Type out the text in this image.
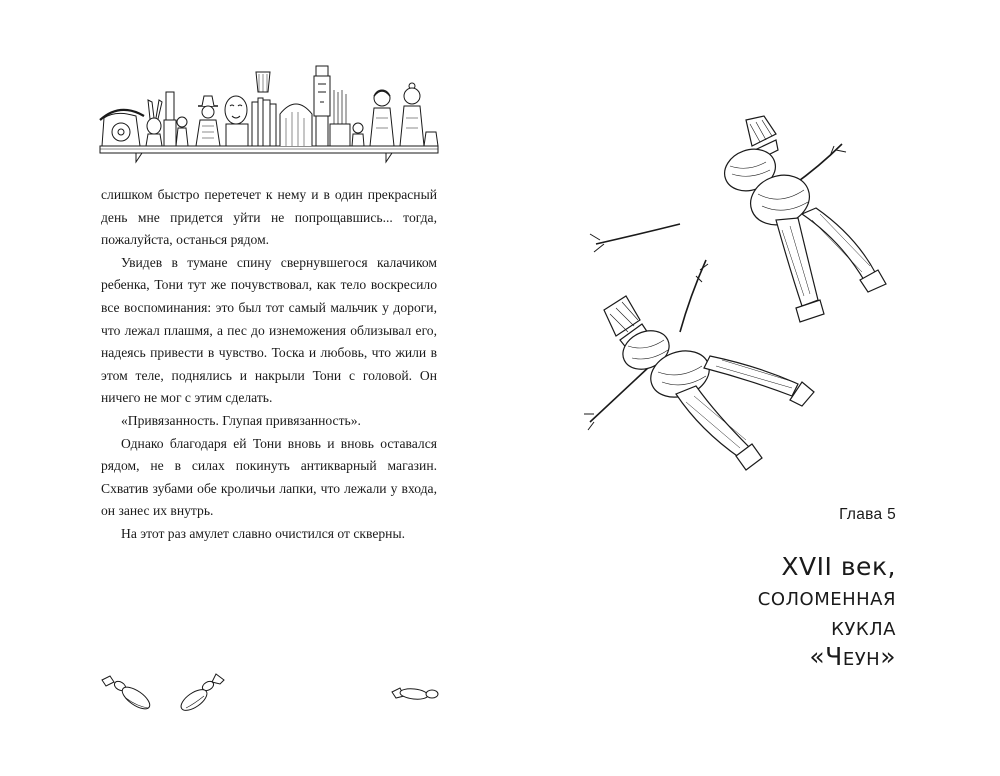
слишком быстро перетечет к нему и в один прекрасный день мне придется уйти не попрощавшись... тогда, пожалуйста, останься рядом.

Увидев в тумане спину свернувшегося калачиком ребенка, Тони тут же почувствовал, как тело воскресило все воспоминания: это был тот самый мальчик у дороги, что лежал плашмя, а пес до изнеможения облизывал его, надеясь привести в чувство. Тоска и любовь, что жили в этом теле, поднялись и накрыли Тони с головой. Он ничего не мог с этим сделать.

«Привязанность. Глупая привязанность».

Однако благодаря ей Тони вновь и вновь оставался рядом, не в силах покинуть антикварный магазин. Схватив зубами обе кроличьи лапки, что лежали у входа, он занес их внутрь.

На этот раз амулет славно очистился от скверны.

Глава 5
XVII век,
соломенная
кукла
«Чеун»
